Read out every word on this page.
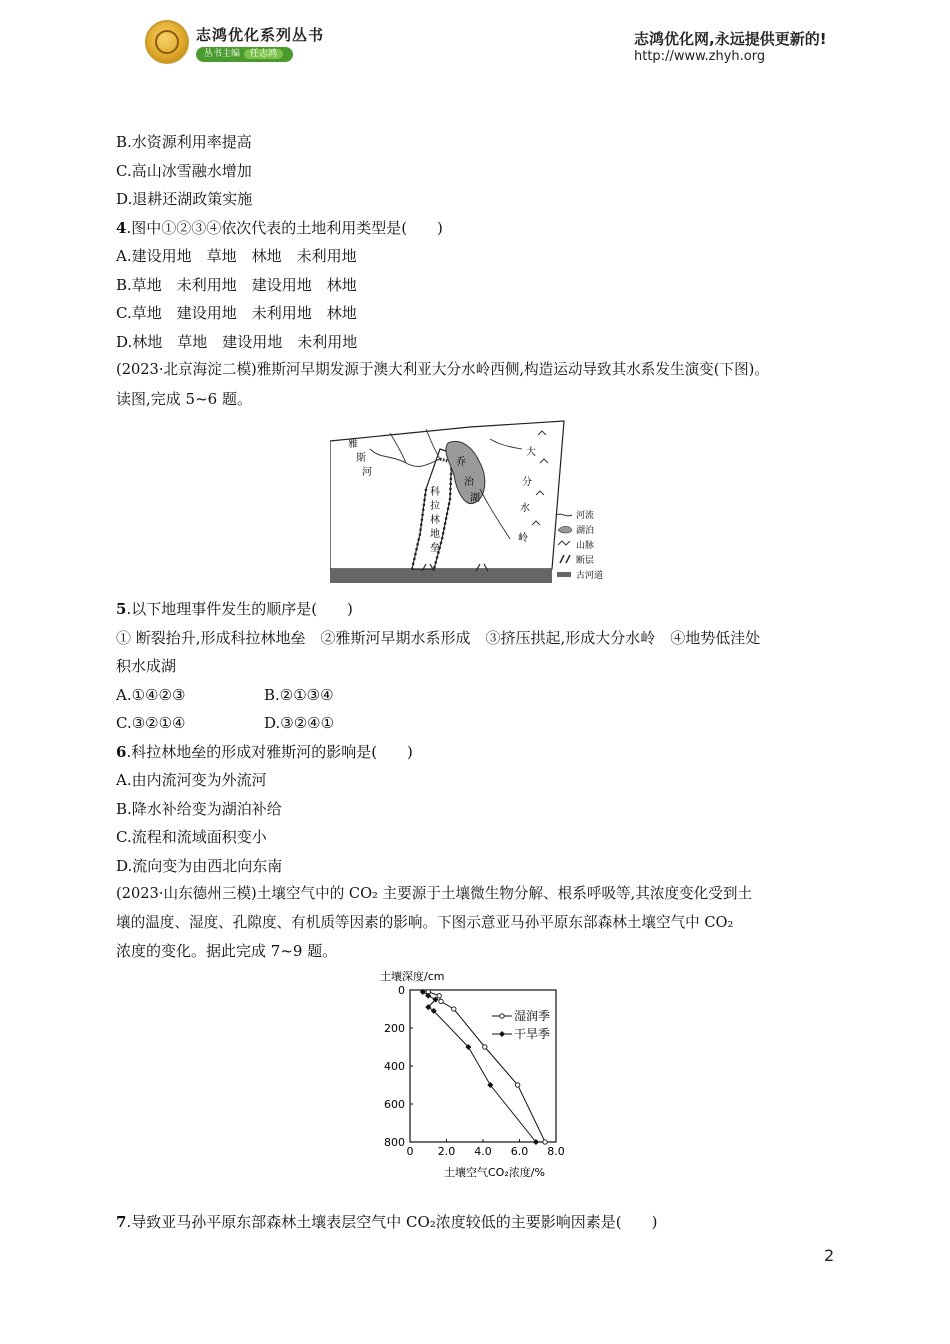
志鸿优化系列丛书
丛书主编 任志鸿
志鸿优化网,永远提供更新的!
http://www.zhyh.org
B.水资源利用率提高
C.高山冰雪融水增加
D.退耕还湖政策实施
4.图中①②③④依次代表的土地利用类型是(　　)
A.建设用地　草地　林地　未利用地
B.草地　未利用地　建设用地　林地
C.草地　建设用地　未利用地　林地
D.林地　草地　建设用地　未利用地
(2023·北京海淀二模)雅斯河早期发源于澳大利亚大分水岭西侧,构造运动导致其水系发生演变(下图)。
读图,完成 5~6 题。
雅
斯
河
科
拉
林
地
垒
乔
治
湖
大
分
水
岭
河流
湖泊
山脉
断层
古河道
5.以下地理事件发生的顺序是(　　)
① 断裂抬升,形成科拉林地垒　②雅斯河早期水系形成　③挤压拱起,形成大分水岭　④地势低洼处
积水成湖
A.①④②③	B.②①③④
C.③②①④	D.③②④①
6.科拉林地垒的形成对雅斯河的影响是(　　)
A.由内流河变为外流河
B.降水补给变为湖泊补给
C.流程和流域面积变小
D.流向变为由西北向东南
(2023·山东德州三模)土壤空气中的 CO₂ 主要源于土壤微生物分解、根系呼吸等,其浓度变化受到土
壤的温度、湿度、孔隙度、有机质等因素的影响。下图示意亚马孙平原东部森林土壤空气中 CO₂
浓度的变化。据此完成 7~9 题。
土壤深度/cm
土壤空气CO₂浓度/%
0 2.0 4.0 6.0 8.0
0
200
400
600
800
湿润季
干旱季
7.导致亚马孙平原东部森林土壤表层空气中 CO₂浓度较低的主要影响因素是(　　)
2
